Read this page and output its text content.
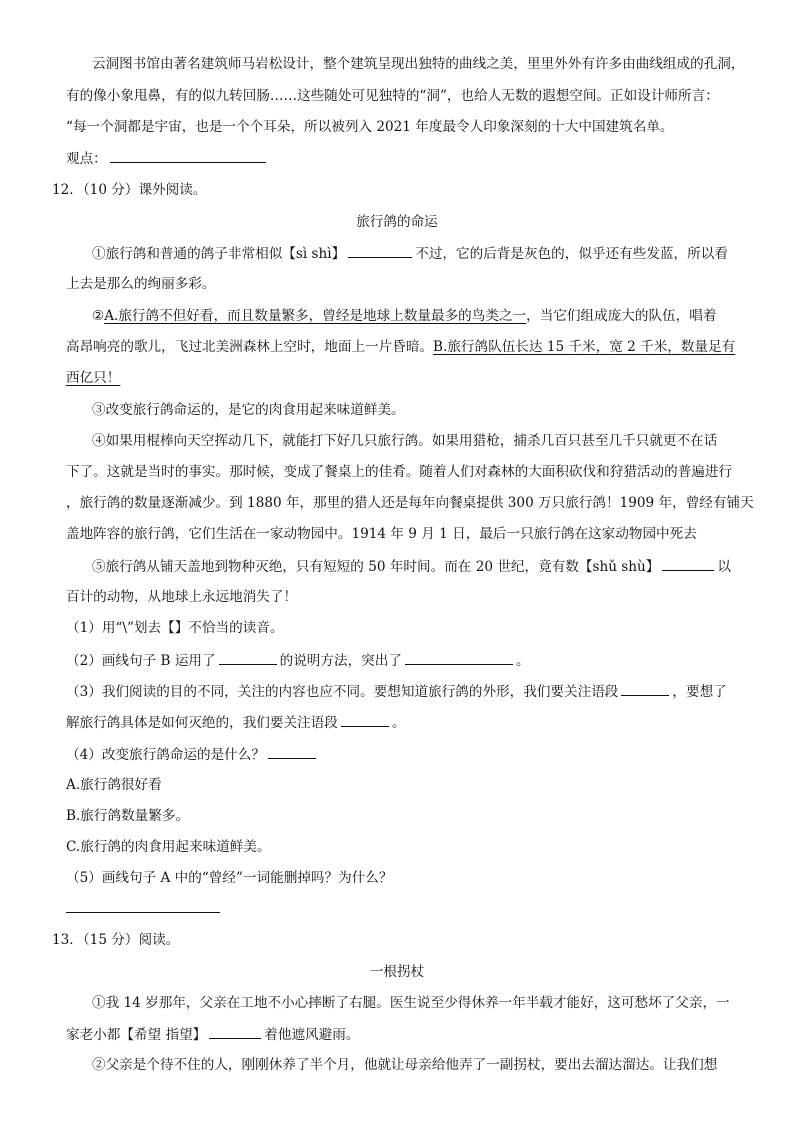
云洞图书馆由著名建筑师马岩松设计，整个建筑呈现出独特的曲线之美，里里外外有许多由曲线组成的孔洞，
有的像小象甩鼻，有的似九转回肠……这些随处可见独特的“洞”，也给人无数的遐想空间。正如设计师所言：
“每一个洞都是宇宙，也是一个个耳朵，所以被列入 2021 年度最令人印象深刻的十大中国建筑名单。
观点：
12．（10 分）课外阅读。
旅行鸽的命运
①旅行鸽和普通的鸽子非常相似【sì shì】	不过，它的后背是灰色的，似乎还有些发蓝，所以看
上去是那么的绚丽多彩。
②A.旅行鸽不但好看，而且数量繁多，曾经是地球上数量最多的鸟类之一，当它们组成庞大的队伍，唱着
高昂响亮的歌儿，飞过北美洲森林上空时，地面上一片昏暗。B.旅行鸽队伍长达 15 千米，宽 2 千米，数量足有
西亿只！
③改变旅行鸽命运的，是它的肉食用起来味道鲜美。
④如果用棍棒向天空挥动几下，就能打下好几只旅行鸽。如果用猎枪，捕杀几百只甚至几千只就更不在话
下了。这就是当时的事实。那时候，变成了餐桌上的佳肴。随着人们对森林的大面积砍伐和狩猎活动的普遍进行
，旅行鸽的数量逐渐减少。到 1880 年，那里的猎人还是每年向餐桌提供 300 万只旅行鸽！1909 年，曾经有铺天
盖地阵容的旅行鸽，它们生活在一家动物园中。1914 年 9 月 1 日，最后一只旅行鸽在这家动物园中死去
⑤旅行鸽从铺天盖地到物种灭绝，只有短短的 50 年时间。而在 20 世纪，竟有数【shǔ shù】	以
百计的动物，从地球上永远地消失了！
（1）用“\”划去【】不恰当的读音。
（2）画线句子 B 运用了	的说明方法，突出了	。
（3）我们阅读的目的不同，关注的内容也应不同。要想知道旅行鸽的外形，我们要关注语段	，要想了
解旅行鸽具体是如何灭绝的，我们要关注语段	。
（4）改变旅行鸽命运的是什么？
A.旅行鸽很好看
B.旅行鸽数量繁多。
C.旅行鸽的肉食用起来味道鲜美。
（5）画线句子 A 中的“曾经”一词能删掉吗？为什么？
13．（15 分）阅读。
一根拐杖
①我 14 岁那年，父亲在工地不小心摔断了右腿。医生说至少得休养一年半载才能好，这可愁坏了父亲，一
家老小都【希望 指望】	着他遮风避雨。
②父亲是个待不住的人，刚刚休养了半个月，他就让母亲给他弄了一副拐杖，要出去溜达溜达。让我们想
